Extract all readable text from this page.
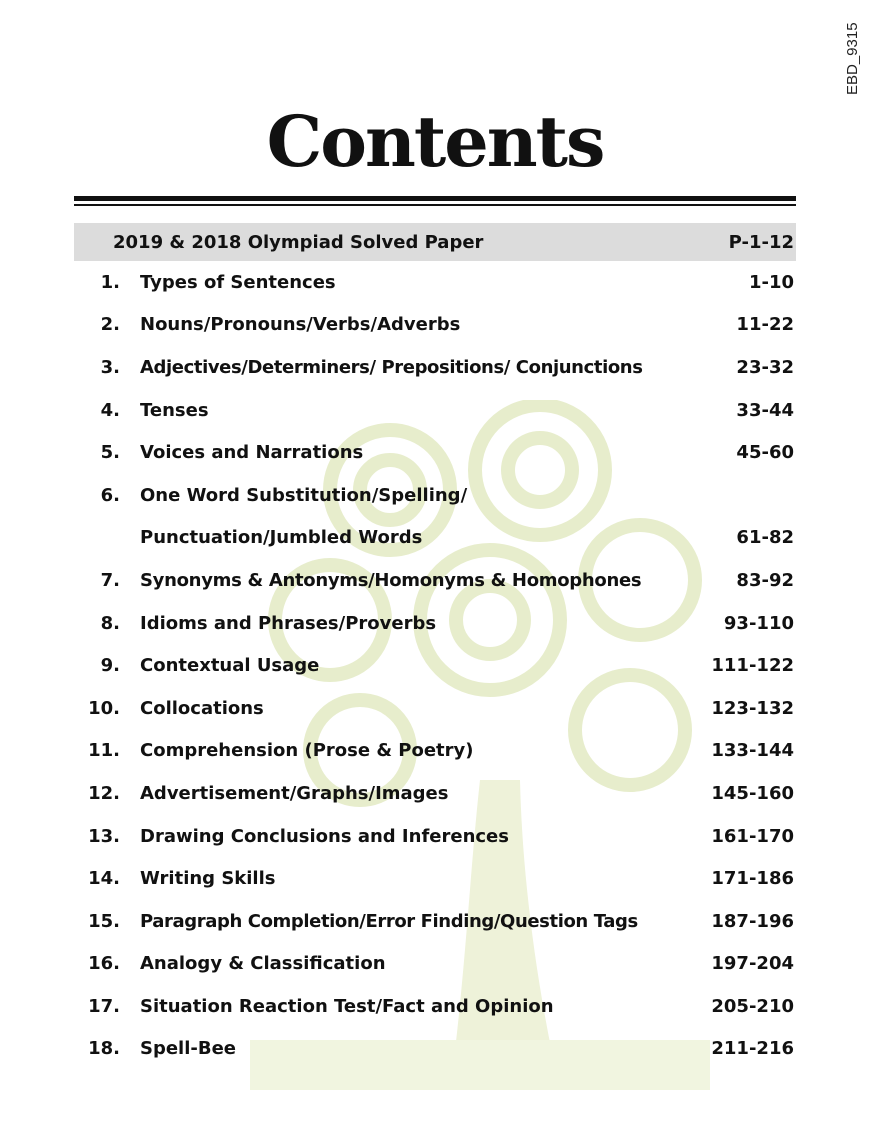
EBD_9315
Contents
2019 & 2018 Olympiad Solved Paper	P-1-12
1. Types of Sentences	1-10
2. Nouns/Pronouns/Verbs/Adverbs	11-22
3. Adjectives/Determiners/ Prepositions/ Conjunctions	23-32
4. Tenses	33-44
5. Voices and Narrations	45-60
6. One Word Substitution/Spelling/
Punctuation/Jumbled Words	61-82
7. Synonyms & Antonyms/Homonyms & Homophones	83-92
8. Idioms and Phrases/Proverbs	93-110
9. Contextual Usage	111-122
10. Collocations	123-132
11. Comprehension (Prose & Poetry)	133-144
12. Advertisement/Graphs/Images	145-160
13. Drawing Conclusions and Inferences	161-170
14. Writing Skills	171-186
15. Paragraph Completion/Error Finding/Question Tags	187-196
16. Analogy & Classification	197-204
17. Situation Reaction Test/Fact and Opinion	205-210
18. Spell-Bee	211-216
